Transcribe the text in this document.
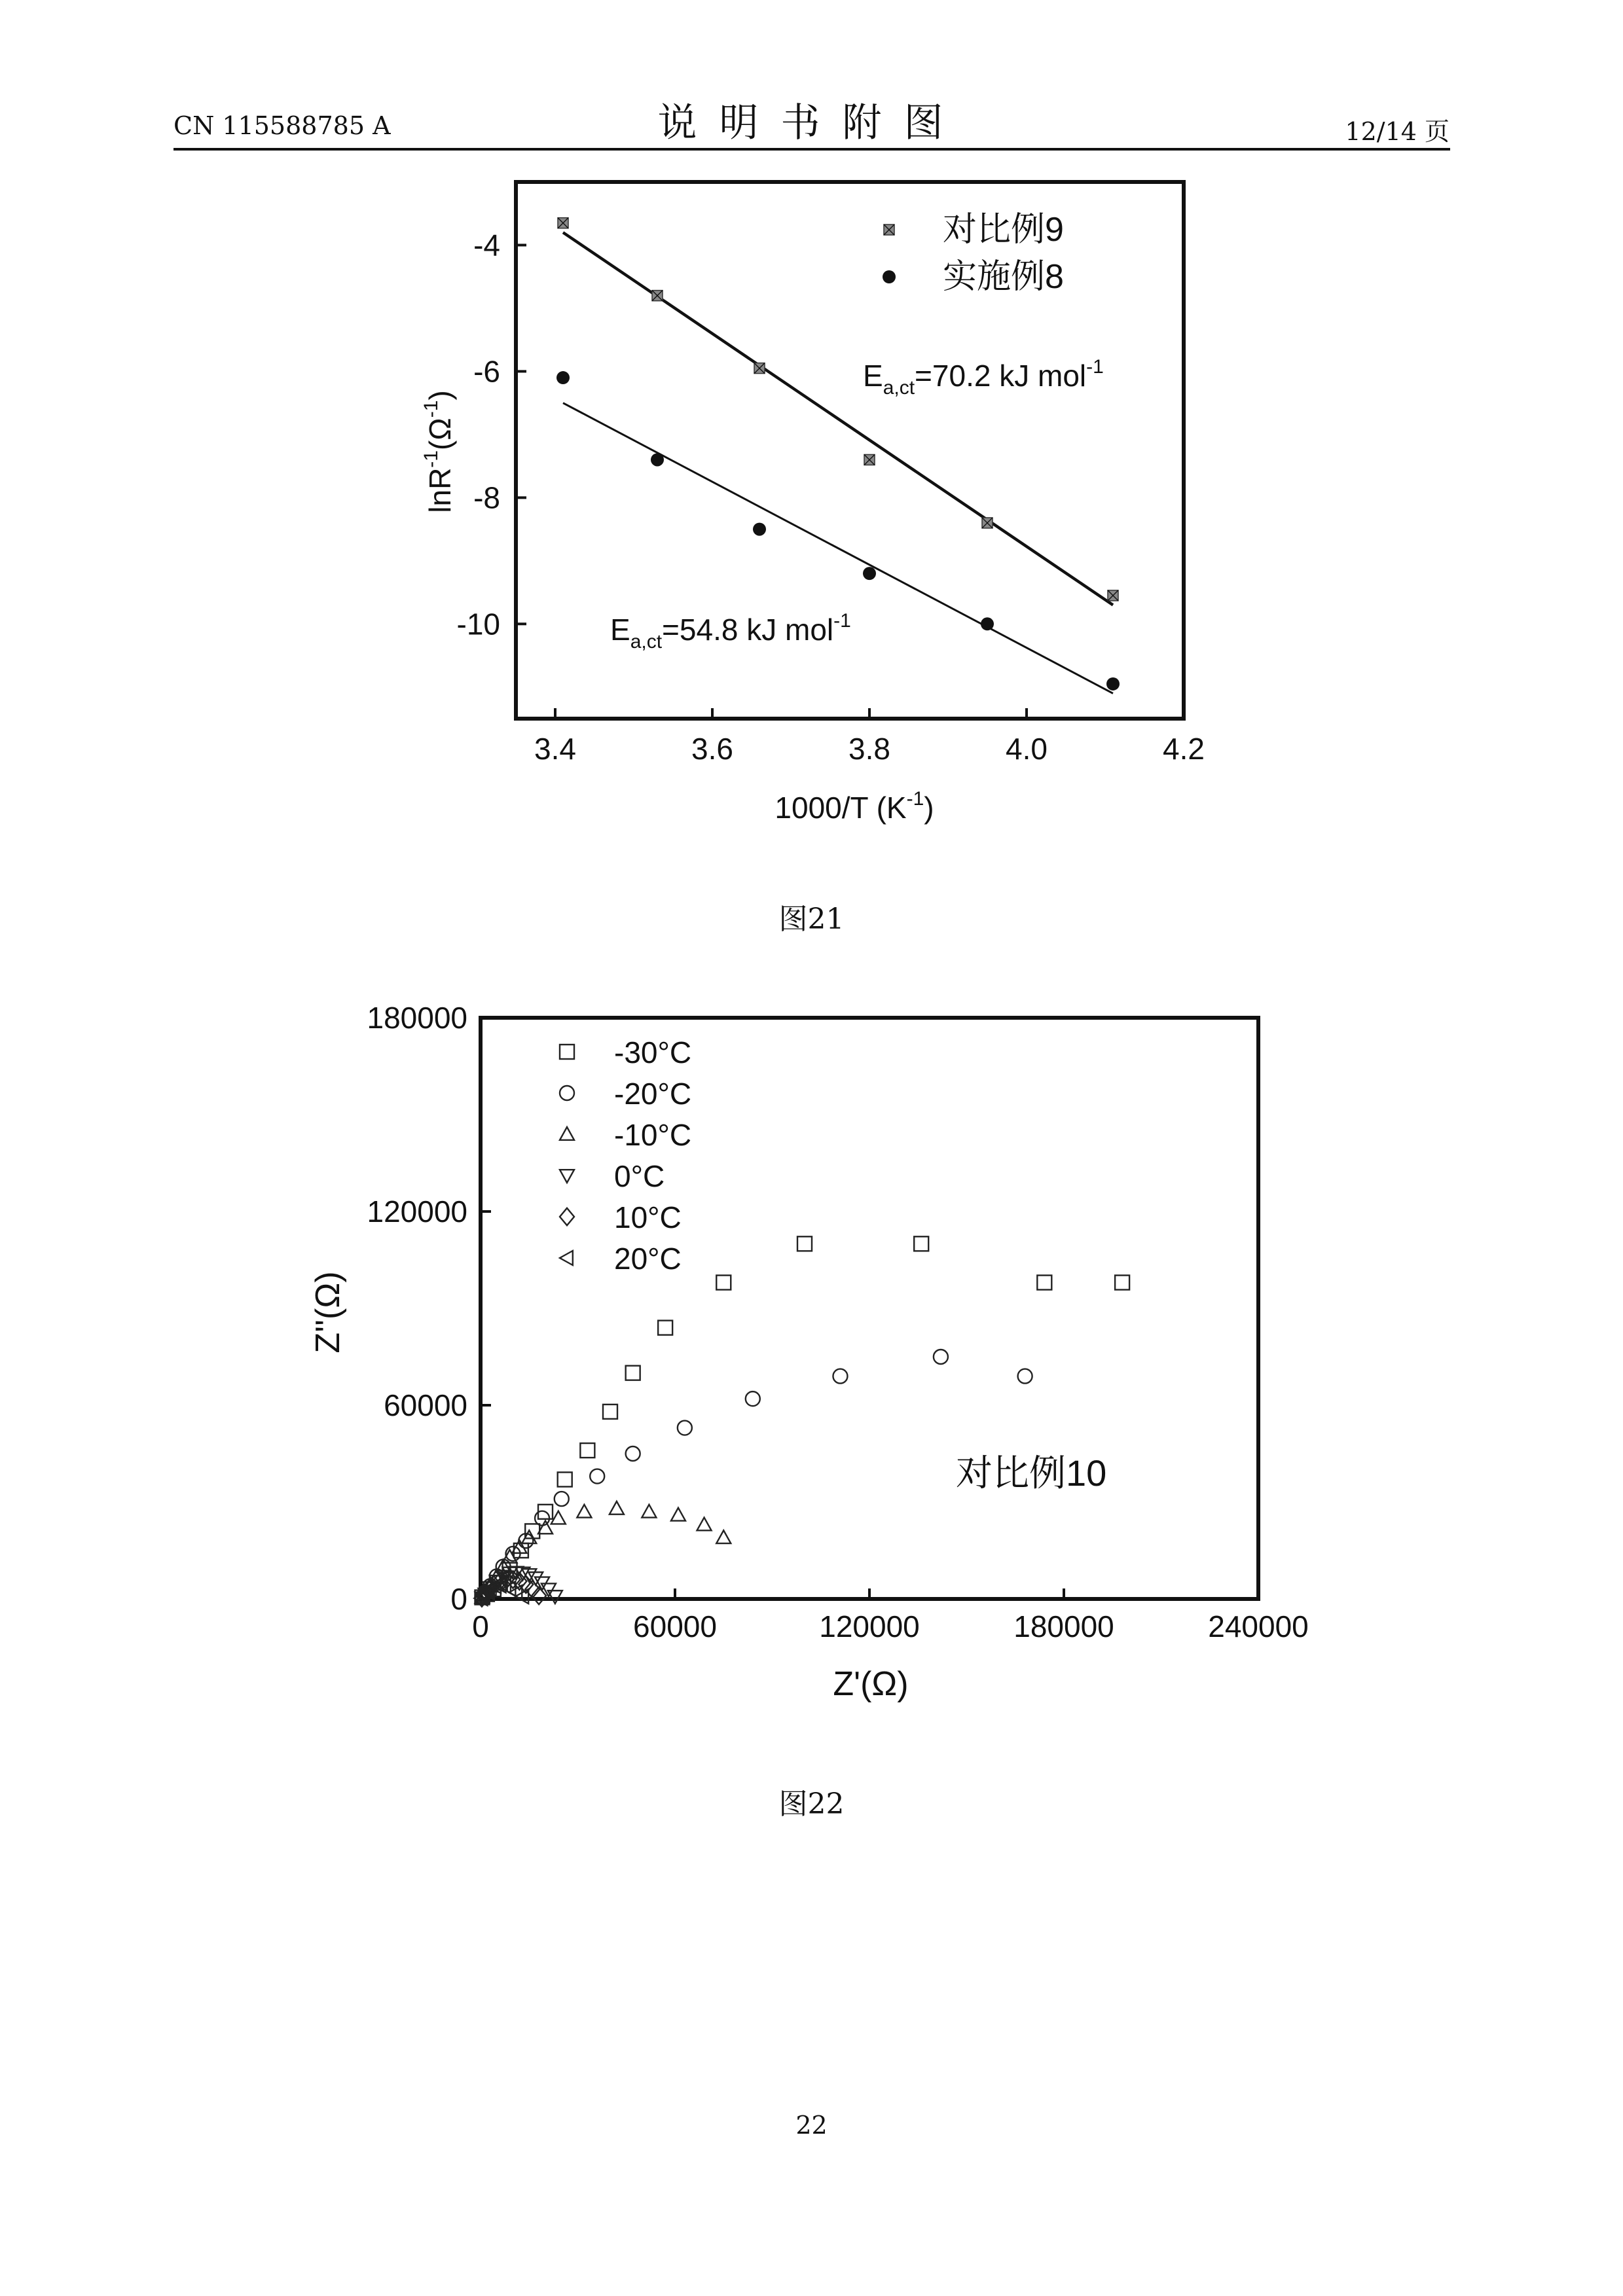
CN 115588785 A	说明书附图	12/14 页
3.4	3.6	3.8	4.0	4.2
-4
-6
-8
-10
对比例9
实施例8
$E_{a,ct}=70.2$ kJ mol$^{-1}$
$E_{a,ct}=54.8$ kJ mol$^{-1}$
1000/T $(K^{-1})$
$\ln R^{-1}(\Omega^{-1})$
图21
0	60000	120000	180000	240000
0
60000
120000
180000
-30°C
-20°C
-10°C
0°C
10°C
20°C
对比例10
Z'(Ω)
Z''(Ω)
图22
22
